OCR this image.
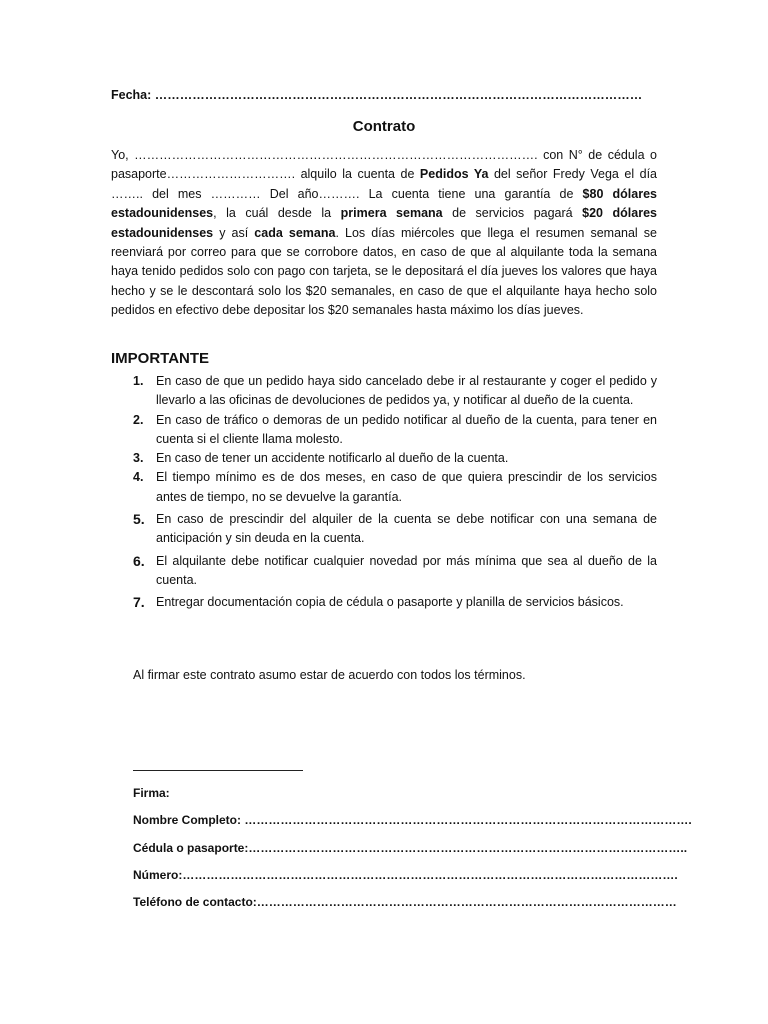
Fecha: ………………………………………………………………………………………………………
Contrato
Yo, ……………………………………………………………………………………. con N° de cédula o pasaporte…………………………. alquilo la cuenta de Pedidos Ya del señor Fredy Vega el día …….. del mes ………… Del año………. La cuenta tiene una garantía de $80 dólares estadounidenses, la cuál desde la primera semana de servicios pagará $20 dólares estadounidenses y así cada semana. Los días miércoles que llega el resumen semanal se reenviará por correo para que se corrobore datos, en caso de que al alquilante toda la semana haya tenido pedidos solo con pago con tarjeta, se le depositará el día jueves los valores que haya hecho y se le descontará solo los $20 semanales, en caso de que el alquilante haya hecho solo pedidos en efectivo debe depositar los $20 semanales hasta máximo los días jueves.
IMPORTANTE
1. En caso de que un pedido haya sido cancelado debe ir al restaurante y coger el pedido y llevarlo a las oficinas de devoluciones de pedidos ya, y notificar al dueño de la cuenta.
2. En caso de tráfico o demoras de un pedido notificar al dueño de la cuenta, para tener en cuenta si el cliente llama molesto.
3. En caso de tener un accidente notificarlo al dueño de la cuenta.
4. El tiempo mínimo es de dos meses, en caso de que quiera prescindir de los servicios antes de tiempo, no se devuelve la garantía.
5. En caso de prescindir del alquiler de la cuenta se debe notificar con una semana de anticipación y sin deuda en la cuenta.
6. El alquilante debe notificar cualquier novedad por más mínima que sea al dueño de la cuenta.
7. Entregar documentación copia de cédula o pasaporte y planilla de servicios básicos.
Al firmar este contrato asumo estar de acuerdo con todos los términos.
Firma:
Nombre Completo: ………………………………………………………………………………………………….
Cédula o pasaporte:………………………………………………………………………………………………..
Número:…………………………………………………………………………………………………………….
Teléfono de contacto:……………………………………………………………………………………………
